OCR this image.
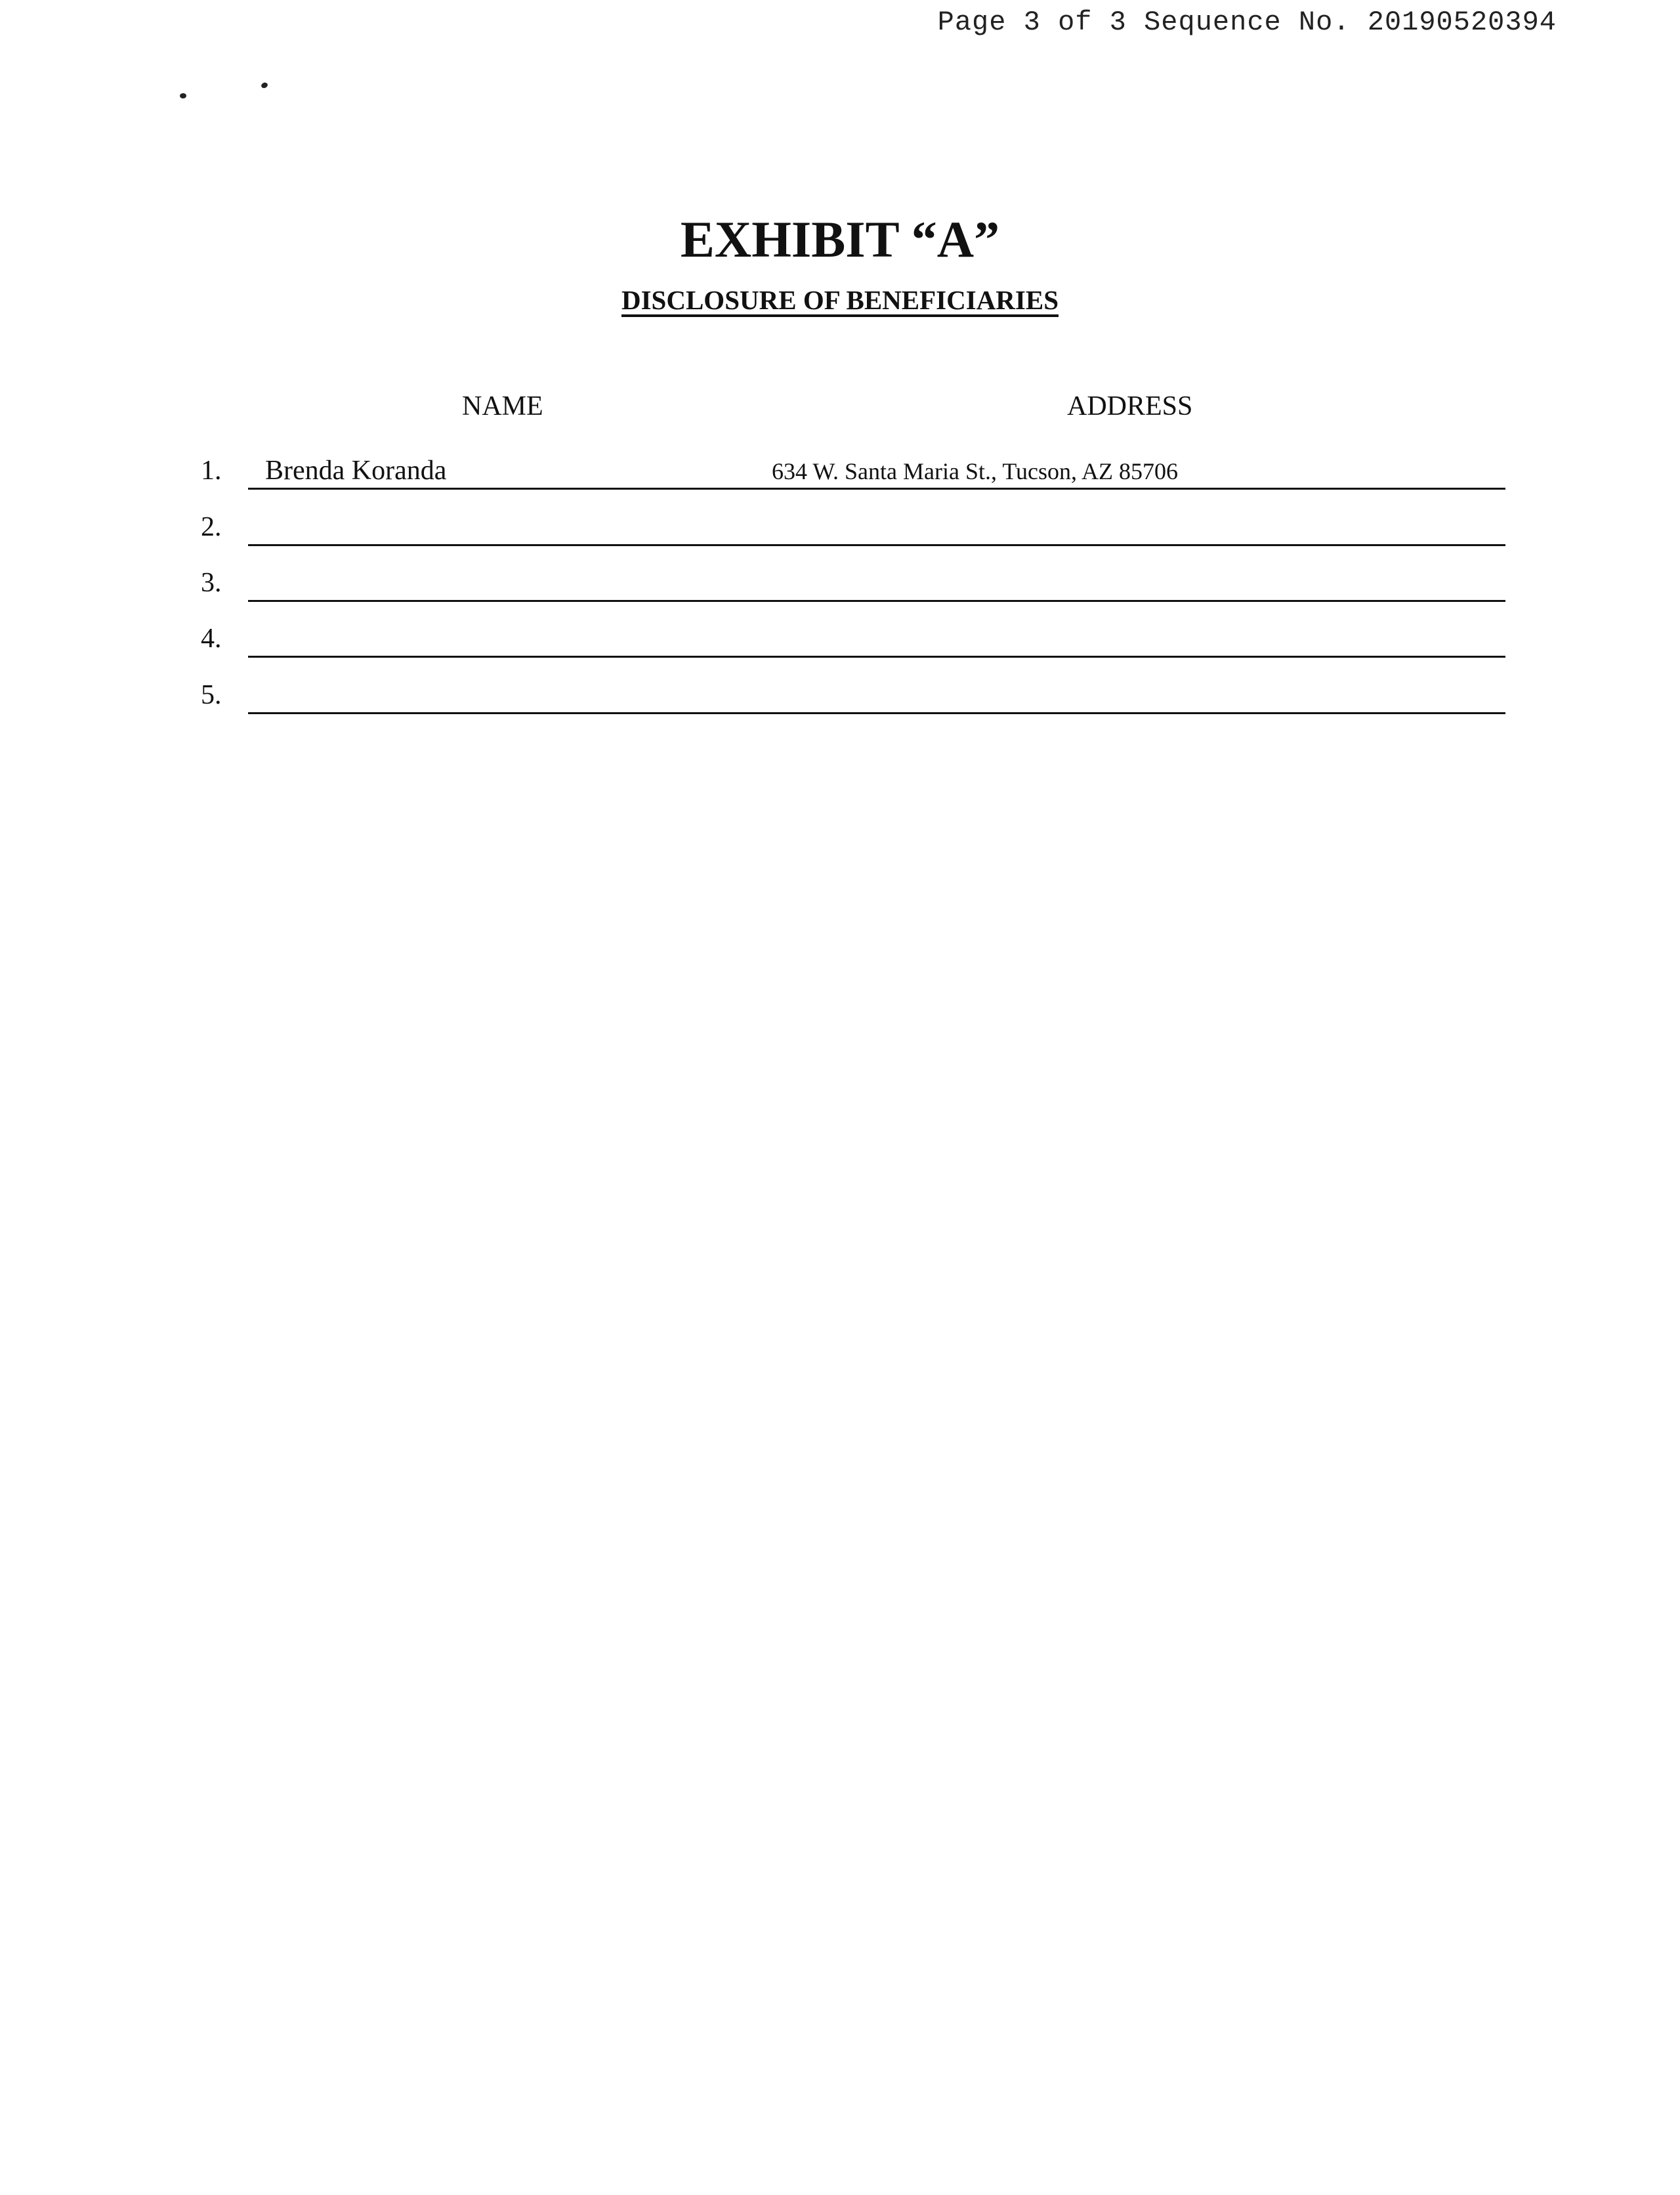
Page 3 of 3 Sequence No. 20190520394
EXHIBIT “A”
DISCLOSURE OF BENEFICIARIES
NAME	ADDRESS
1. Brenda Koranda	634 W. Santa Maria St., Tucson, AZ 85706
2.
3.
4.
5.
